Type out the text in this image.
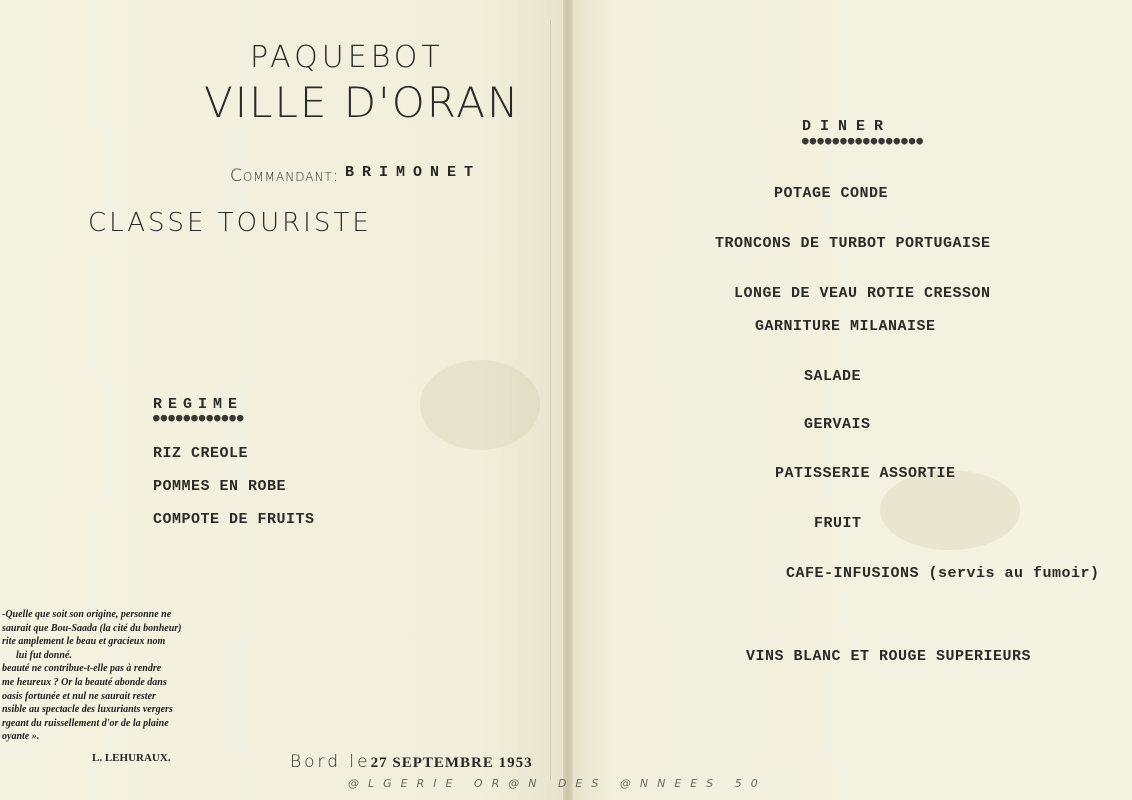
PAQUEBOT
VILLE D'ORAN
Commandant: BRIMONET
CLASSE TOURISTE
REGIME
●●●●●●●●●●●●
RIZ CREOLE
POMMES EN ROBE
COMPOTE DE FRUITS
-Quelle que soit son origine, personne ne
saurait que Bou-Saada (la cité du bonheur)
rite amplement le beau et gracieux nom
lui fut donné.
beauté ne contribue-t-elle pas à rendre
me heureux ? Or la beauté abonde dans
oasis fortunée et nul ne saurait rester
nsible au spectacle des luxuriants vergers
rgeant du ruissellement d'or de la plaine
oyante ».
L. LEHURAUX.	Bord le27 SEPTEMBRE 1953
DINER
●●●●●●●●●●●●●●●●
POTAGE CONDE
TRONCONS DE TURBOT PORTUGAISE
LONGE DE VEAU ROTIE CRESSON
GARNITURE MILANAISE
SALADE
GERVAIS
PATISSERIE ASSORTIE
FRUIT
CAFE-INFUSIONS (servis au fumoir)
VINS BLANC ET ROUGE SUPERIEURS
@LGERIE OR@N DES @NNEES 50
